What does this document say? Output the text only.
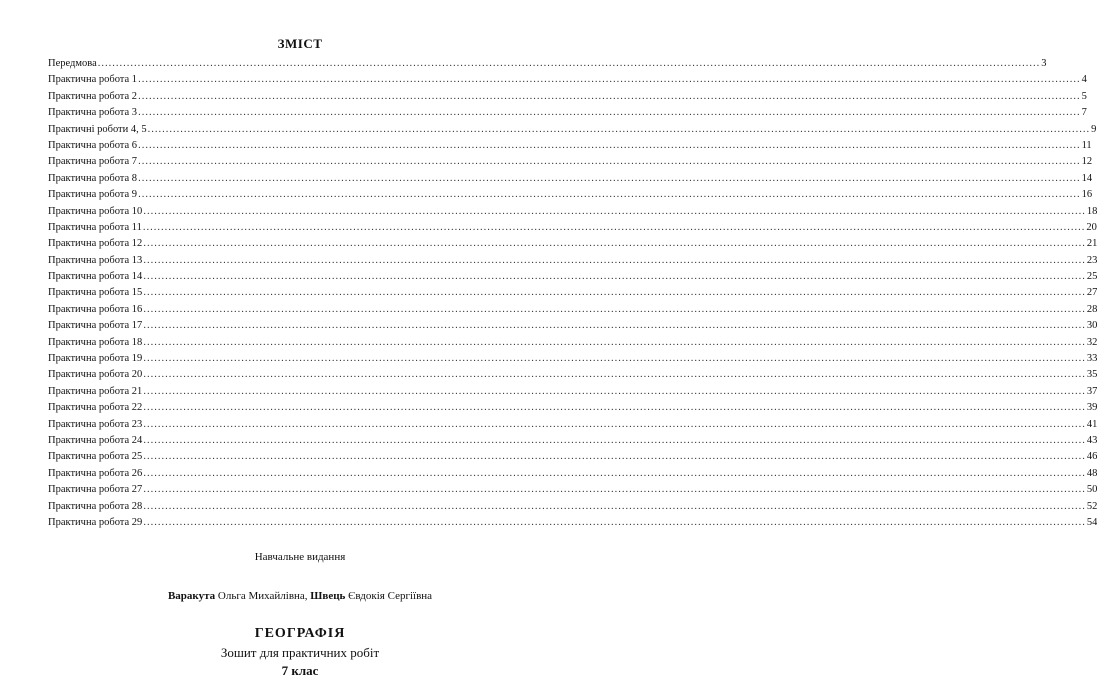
ЗМІСТ
Передмова .................................................................................................................................................................................................................................................................... 3
Практична робота 1 .................................................................................................................................................................................................................................................................... 4
Практична робота 2 .................................................................................................................................................................................................................................................................... 5
Практична робота 3 .................................................................................................................................................................................................................................................................... 7
Практичні роботи 4, 5 .................................................................................................................................................................................................................................................................... 9
Практична робота 6 .................................................................................................................................................................................................................................................................... 11
Практична робота 7 .................................................................................................................................................................................................................................................................... 12
Практична робота 8 .................................................................................................................................................................................................................................................................... 14
Практична робота 9 .................................................................................................................................................................................................................................................................... 16
Практична робота 10 .................................................................................................................................................................................................................................................................... 18
Практична робота 11 .................................................................................................................................................................................................................................................................... 20
Практична робота 12 .................................................................................................................................................................................................................................................................... 21
Практична робота 13 .................................................................................................................................................................................................................................................................... 23
Практична робота 14 .................................................................................................................................................................................................................................................................... 25
Практична робота 15 .................................................................................................................................................................................................................................................................... 27
Практична робота 16 .................................................................................................................................................................................................................................................................... 28
Практична робота 17 .................................................................................................................................................................................................................................................................... 30
Практична робота 18 .................................................................................................................................................................................................................................................................... 32
Практична робота 19 .................................................................................................................................................................................................................................................................... 33
Практична робота 20 .................................................................................................................................................................................................................................................................... 35
Практична робота 21 .................................................................................................................................................................................................................................................................... 37
Практична робота 22 .................................................................................................................................................................................................................................................................... 39
Практична робота 23 .................................................................................................................................................................................................................................................................... 41
Практична робота 24 .................................................................................................................................................................................................................................................................... 43
Практична робота 25 .................................................................................................................................................................................................................................................................... 46
Практична робота 26 .................................................................................................................................................................................................................................................................... 48
Практична робота 27 .................................................................................................................................................................................................................................................................... 50
Практична робота 28 .................................................................................................................................................................................................................................................................... 52
Практична робота 29 .................................................................................................................................................................................................................................................................... 54
Навчальне видання
Варакута Ольга Михайлівна, Швець Євдокія Сергіївна
ГЕОГРАФІЯ
Зошит для практичних робіт
7 клас
